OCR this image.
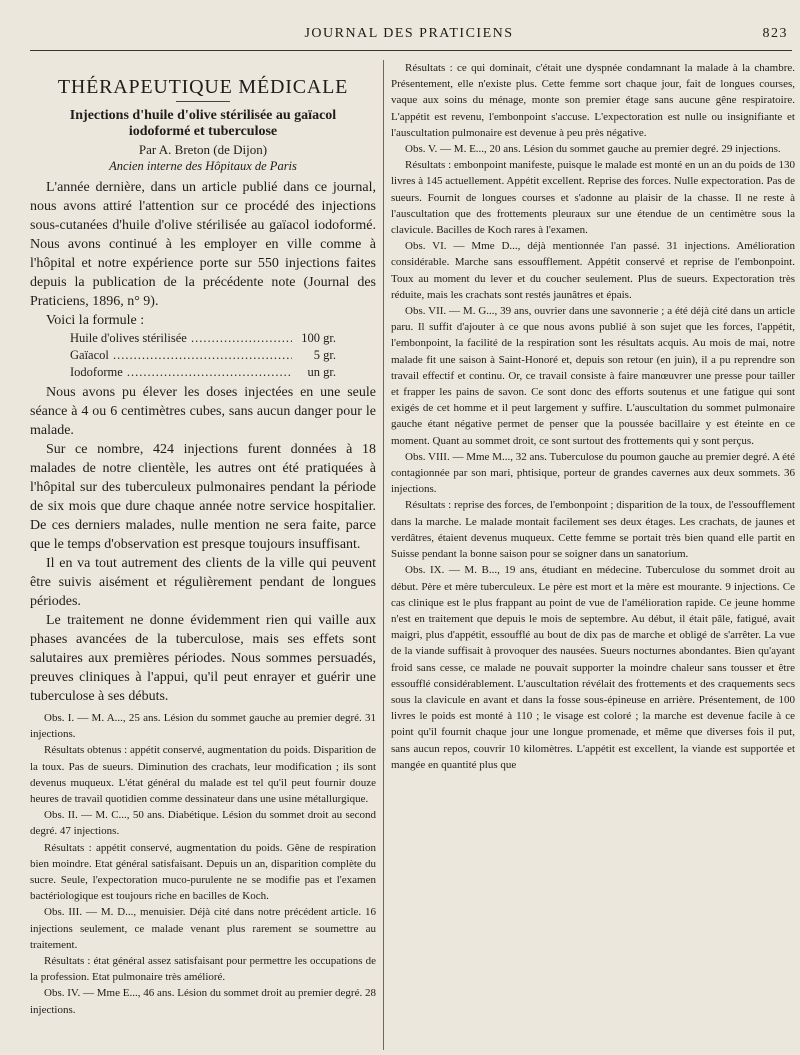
JOURNAL DES PRATICIENS	823
THÉRAPEUTIQUE MÉDICALE
Injections d'huile d'olive stérilisée au gaïacol
iodoformé et tuberculose
Par A. Breton (de Dijon)
Ancien interne des Hôpitaux de Paris

L'année dernière, dans un article publié dans ce journal, nous avons attiré l'attention sur ce procédé des injections sous-cutanées d'huile d'olive stérilisée au gaïacol iodoformé. Nous avons continué à les employer en ville comme à l'hôpital et notre expérience porte sur 550 injections faites depuis la publication de la précédente note (Journal des Praticiens, 1896, n° 9).

Voici la formule :

Huile d'olives stérilisée .....	100 gr.
Gaïacol .....	5 gr.
Iodoforme .....	un gr.

Nous avons pu élever les doses injectées en une seule séance à 4 ou 6 centimètres cubes, sans aucun danger pour le malade.

Sur ce nombre, 424 injections furent données à 18 malades de notre clientèle, les autres ont été pratiquées à l'hôpital sur des tuberculeux pulmonaires pendant la période de six mois que dure chaque année notre service hospitalier. De ces derniers malades, nulle mention ne sera faite, parce que le temps d'observation est presque toujours insuffisant.

Il en va tout autrement des clients de la ville qui peuvent être suivis aisément et régulièrement pendant de longues périodes.

Le traitement ne donne évidemment rien qui vaille aux phases avancées de la tuberculose, mais ses effets sont salutaires aux premières périodes. Nous sommes persuadés, preuves cliniques à l'appui, qu'il peut enrayer et guérir une tuberculose à ses débuts.

Obs. I. — M. A..., 25 ans. Lésion du sommet gauche au premier degré. 31 injections.

Résultats obtenus : appétit conservé, augmentation du poids. Disparition de la toux. Pas de sueurs. Diminution des crachats, leur modification ; ils sont devenus muqueux. L'état général du malade est tel qu'il peut fournir douze heures de travail quotidien comme dessinateur dans une usine métallurgique.

Obs. II. — M. C..., 50 ans. Diabétique. Lésion du sommet droit au second degré. 47 injections.

Résultats : appétit conservé, augmentation du poids. Gêne de respiration bien moindre. Etat général satisfaisant. Depuis un an, disparition complète du sucre. Seule, l'expectoration muco-purulente ne se modifie pas et l'examen bactériologique est toujours riche en bacilles de Koch.

Obs. III. — M. D..., menuisier. Déjà cité dans notre précédent article. 16 injections seulement, ce malade venant plus rarement se soumettre au traitement.

Résultats : état général assez satisfaisant pour permettre les occupations de la profession. Etat pulmonaire très amélioré.

Obs. IV. — Mme E..., 46 ans. Lésion du sommet droit au premier degré. 28 injections.

Résultats : ce qui dominait, c'était une dyspnée condamnant la malade à la chambre. Présentement, elle n'existe plus. Cette femme sort chaque jour, fait de longues courses, vaque aux soins du ménage, monte son premier étage sans aucune gêne respiratoire. L'appétit est revenu, l'embonpoint s'accuse. L'expectoration est nulle ou insignifiante et l'auscultation pulmonaire est devenue à peu près négative.

Obs. V. — M. E..., 20 ans. Lésion du sommet gauche au premier degré. 29 injections.

Résultats : embonpoint manifeste, puisque le malade est monté en un an du poids de 130 livres à 145 actuellement. Appétit excellent. Reprise des forces. Nulle expectoration. Pas de sueurs. Fournit de longues courses et s'adonne au plaisir de la chasse. Il ne reste à l'auscultation que des frottements pleuraux sur une étendue de un centimètre sous la clavicule. Bacilles de Koch rares à l'examen.

Obs. VI. — Mme D..., déjà mentionnée l'an passé. 31 injections. Amélioration considérable. Marche sans essoufflement. Appétit conservé et reprise de l'embonpoint. Toux au moment du lever et du coucher seulement. Plus de sueurs. Expectoration très réduite, mais les crachats sont restés jaunâtres et épais.

Obs. VII. — M. G..., 39 ans, ouvrier dans une savonnerie ; a été déjà cité dans un article paru. Il suffit d'ajouter à ce que nous avons publié à son sujet que les forces, l'appétit, l'embonpoint, la facilité de la respiration sont les résultats acquis. Au mois de mai, notre malade fit une saison à Saint-Honoré et, depuis son retour (en juin), il a pu reprendre son travail effectif et continu. Or, ce travail consiste à faire manœuvrer une presse pour tailler et frapper les pains de savon. Ce sont donc des efforts soutenus et une fatigue qui sont exigés de cet homme et il peut largement y suffire. L'auscultation du sommet pulmonaire gauche étant négative permet de penser que la poussée bacillaire y est éteinte en ce moment. Quant au sommet droit, ce sont surtout des frottements qui y sont perçus.

Obs. VIII. — Mme M..., 32 ans. Tuberculose du poumon gauche au premier degré. A été contagionnée par son mari, phtisique, porteur de grandes cavernes aux deux sommets. 36 injections.

Résultats : reprise des forces, de l'embonpoint ; disparition de la toux, de l'essoufflement dans la marche. Le malade montait facilement ses deux étages. Les crachats, de jaunes et verdâtres, étaient devenus muqueux. Cette femme se portait très bien quand elle partit en Suisse pendant la bonne saison pour se soigner dans un sanatorium.

Obs. IX. — M. B..., 19 ans, étudiant en médecine. Tuberculose du sommet droit au début. Père et mère tuberculeux. Le père est mort et la mère est mourante. 9 injections. Ce cas clinique est le plus frappant au point de vue de l'amélioration rapide. Ce jeune homme n'est en traitement que depuis le mois de septembre. Au début, il était pâle, fatigué, avait maigri, plus d'appétit, essoufflé au bout de dix pas de marche et obligé de s'arrêter. La vue de la viande suffisait à provoquer des nausées. Sueurs nocturnes abondantes. Bien qu'ayant froid sans cesse, ce malade ne pouvait supporter la moindre chaleur sans tousser et être essoufflé considérablement. L'auscultation révélait des frottements et des craquements secs sous la clavicule en avant et dans la fosse sous-épineuse en arrière. Présentement, de 100 livres le poids est monté à 110 ; le visage est coloré ; la marche est devenue facile à ce point qu'il fournit chaque jour une longue promenade, et même que diverses fois il put, sans aucun repos, couvrir 10 kilomètres. L'appétit est excellent, la viande est supportée et mangée en quantité plus que
